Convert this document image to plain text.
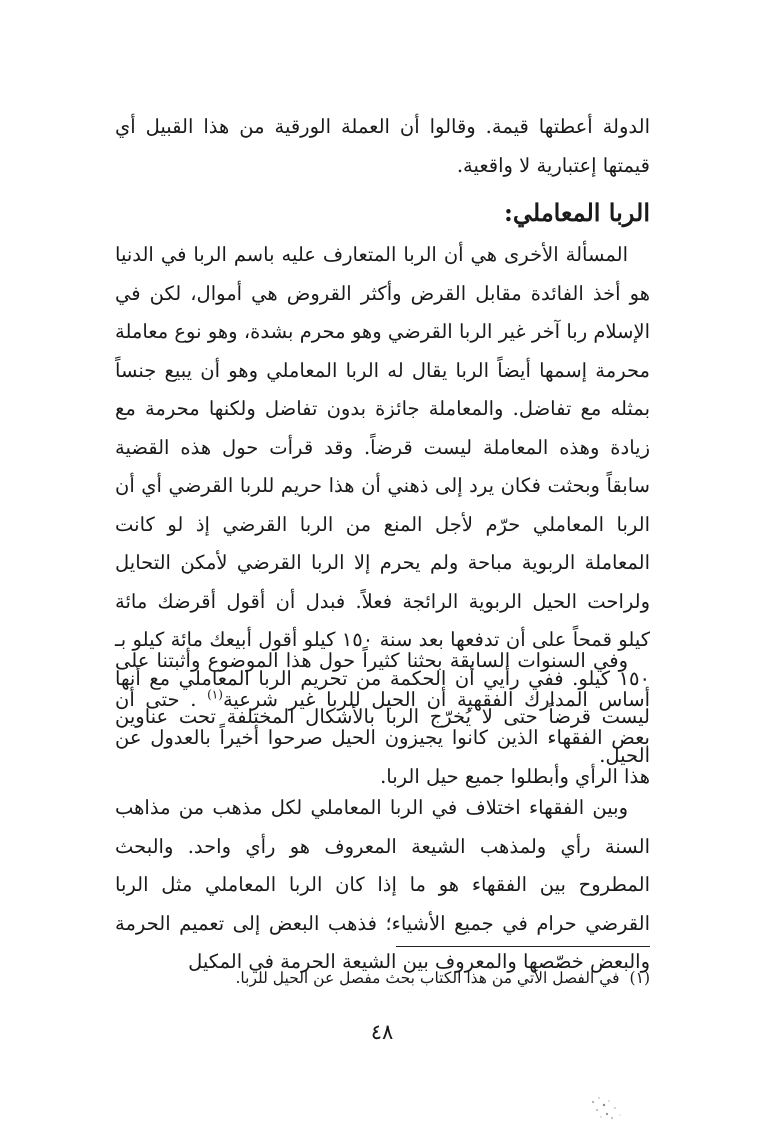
الدولة أعطتها قيمة. وقالوا أن العملة الورقية من هذا القبيل أي قيمتها إعتبارية لا واقعية.

الربا المعاملي:

المسألة الأخرى هي أن الربا المتعارف عليه باسم الربا في الدنيا هو أخذ الفائدة مقابل القرض وأكثر القروض هي أموال، لكن في الإسلام ربا آخر غير الربا القرضي وهو محرم بشدة، وهو نوع معاملة محرمة إسمها أيضاً الربا يقال له الربا المعاملي وهو أن يبيع جنساً بمثله مع تفاضل. والمعاملة جائزة بدون تفاضل ولكنها محرمة مع زيادة وهذه المعاملة ليست قرضاً. وقد قرأت حول هذه القضية سابقاً وبحثت فكان يرد إلى ذهني أن هذا حريم للربا القرضي أي أن الربا المعاملي حرّم لأجل المنع من الربا القرضي إذ لو كانت المعاملة الربوية مباحة ولم يحرم إلا الربا القرضي لأمكن التحايل ولراحت الحيل الربوية الرائجة فعلاً. فبدل أن أقول أقرضك مائة كيلو قمحاً على أن تدفعها بعد سنة ١٥٠ كيلو أقول أبيعك مائة كيلو بـ ١٥٠ كيلو. ففي رأيي أن الحكمة من تحريم الربا المعاملي مع أنها ليست قرضاً حتى لا يُخرّج الربا بالأشكال المختلفة تحت عناوين الحيل.

وفي السنوات السابقة بحثنا كثيراً حول هذا الموضوع وأثبتنا على أساس المدارك الفقهية أن الحيل للربا غير شرعية$^{(١)}$ . حتى أن بعض الفقهاء الذين كانوا يجيزون الحيل صرحوا أخيراً بالعدول عن هذا الرأي وأبطلوا جميع حيل الربا.

وبين الفقهاء اختلاف في الربا المعاملي لكل مذهب من مذاهب السنة رأي ولمذهب الشيعة المعروف هو رأي واحد. والبحث المطروح بين الفقهاء هو ما إذا كان الربا المعاملي مثل الربا القرضي حرام في جميع الأشياء؛ فذهب البعض إلى تعميم الحرمة والبعض خصّصها والمعروف بين الشيعة الحرمة في المكيل

(١)في الفصل الآتي من هذا الكتاب بحث مفصل عن الحيل للربا.

٤٨
